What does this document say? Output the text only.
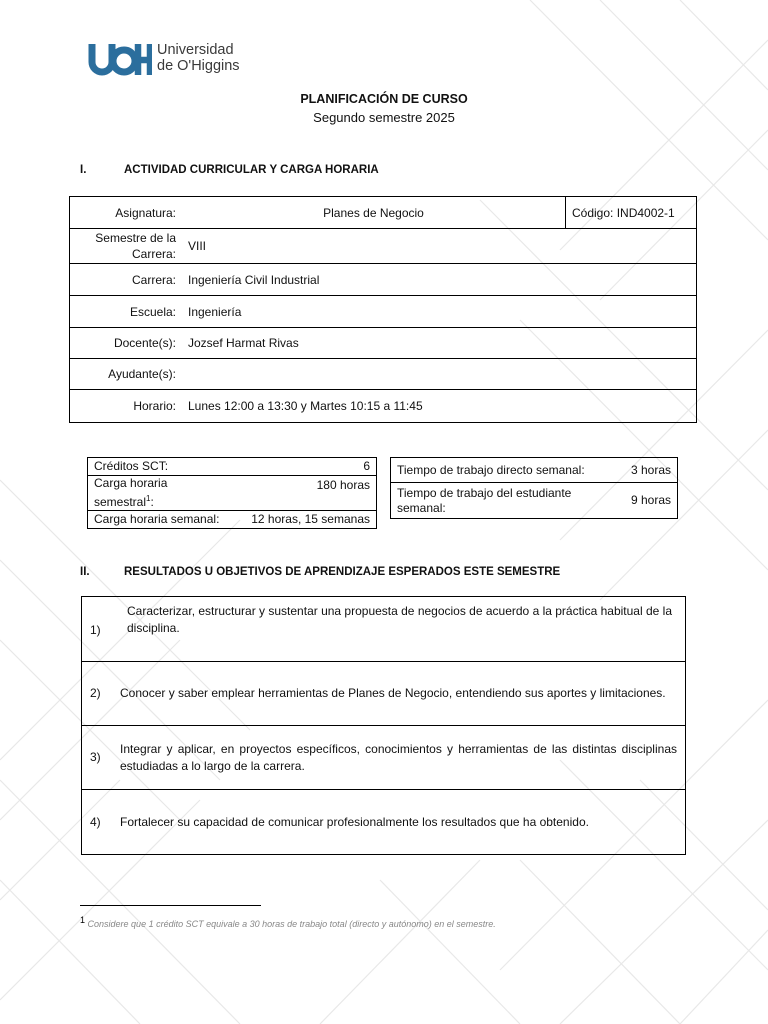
Universidad
de O'Higgins
PLANIFICACIÓN DE CURSO
Segundo semestre 2025
I.	ACTIVIDAD CURRICULAR Y CARGA HORARIA
Asignatura:	Planes de Negocio	Código: IND4002-1
Semestre de la
Carrera:	VIII	
Carrera:	Ingeniería Civil Industrial	
Escuela:	Ingeniería	
Docente(s):	Jozsef Harmat Rivas	
Ayudante(s):		
Horario:	Lunes 12:00 a 13:30 y Martes 10:15 a 11:45	
Créditos SCT:	6
Carga horaria
semestral$^1$:	180 horas
Carga horaria semanal:	12 horas, 15 semanas
Tiempo de trabajo directo semanal:	3 horas
Tiempo de trabajo del estudiante
semanal:	9 horas
II.	RESULTADOS U OBJETIVOS DE APRENDIZAJE ESPERADOS ESTE SEMESTRE
1)	Caracterizar, estructurar y sustentar una propuesta de negocios de acuerdo a la práctica habitual de la disciplina.
2)	Conocer y saber emplear herramientas de Planes de Negocio, entendiendo sus aportes y limitaciones.
3)	Integrar y aplicar, en proyectos específicos, conocimientos y herramientas de las distintas disciplinas estudiadas a lo largo de la carrera.
4)	Fortalecer su capacidad de comunicar profesionalmente los resultados que ha obtenido.
$^1$ Considere que 1 crédito SCT equivale a 30 horas de trabajo total (directo y autónomo) en el semestre.
